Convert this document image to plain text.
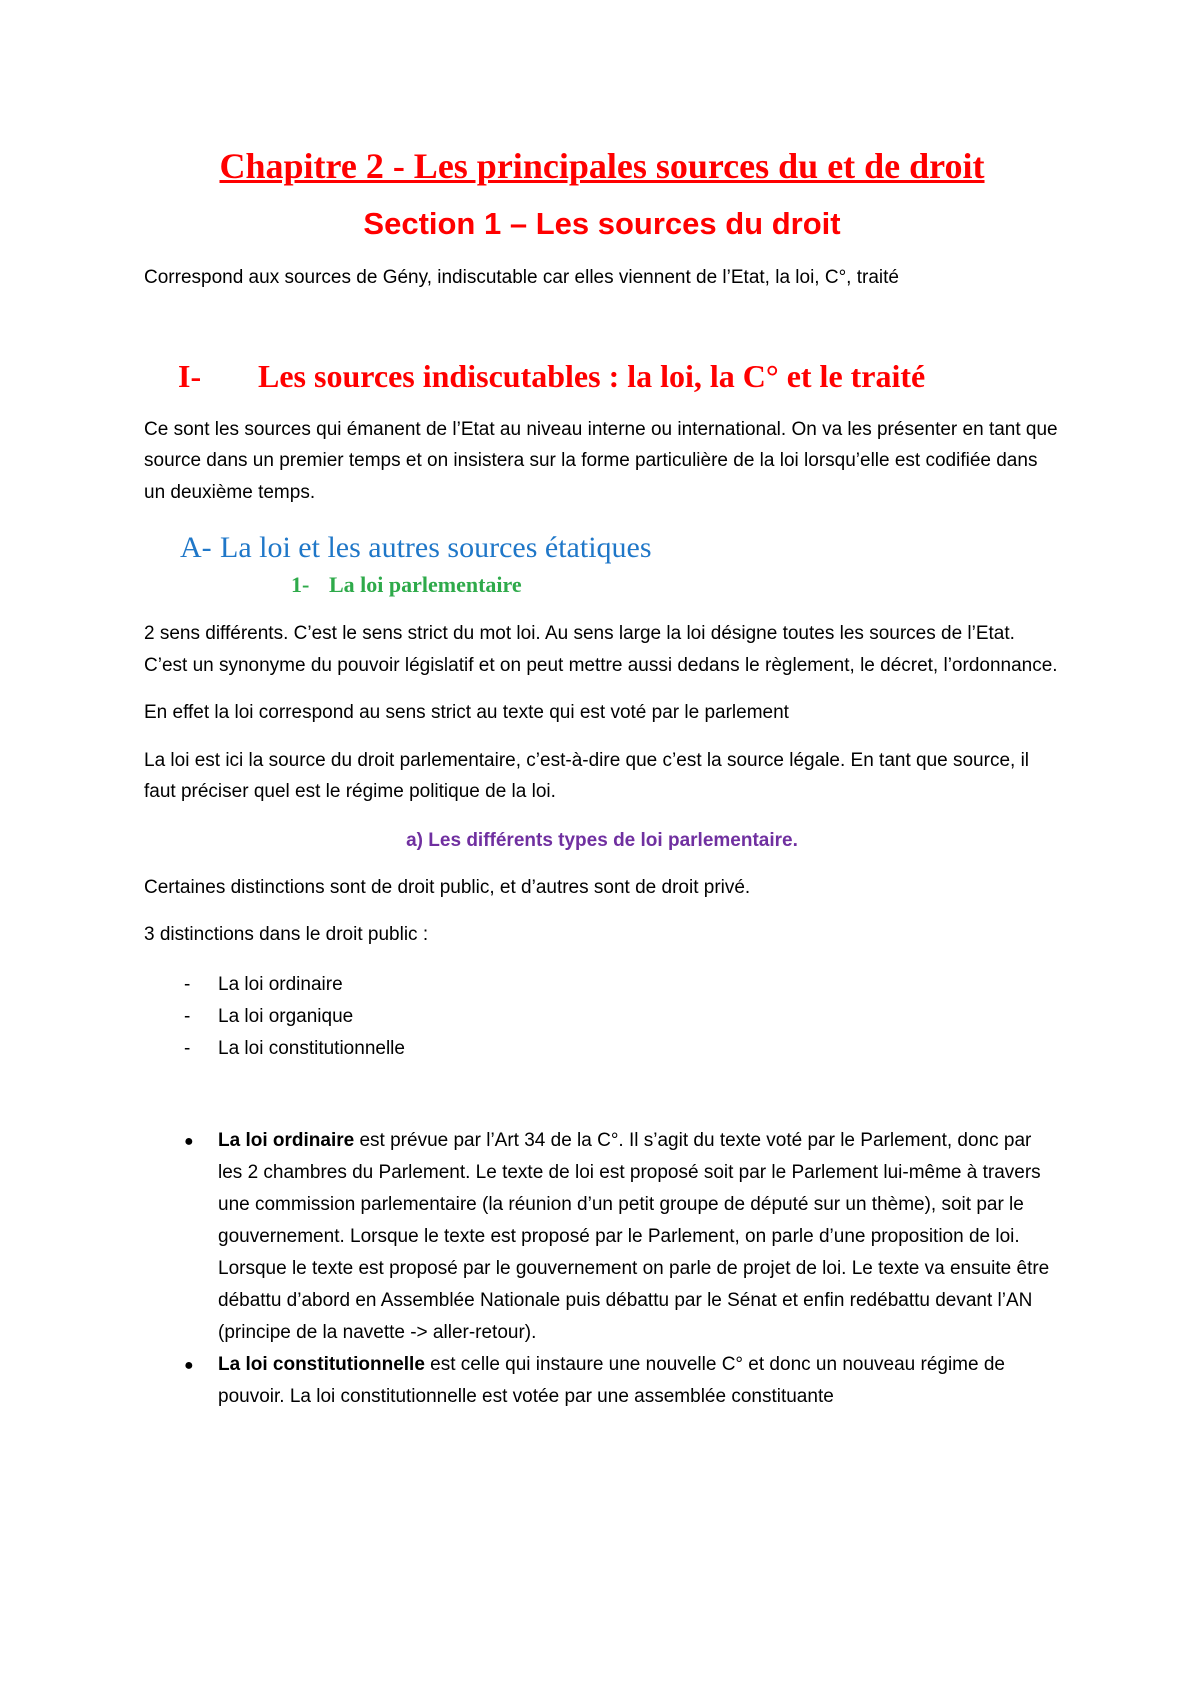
Chapitre 2 - Les principales sources du et de droit
Section 1 – Les sources du droit

Correspond aux sources de Gény, indiscutable car elles viennent de l’Etat, la loi, C°, traité

I-	Les sources indiscutables : la loi, la C° et le traité

Ce sont les sources qui émanent de l’Etat au niveau interne ou international. On va les présenter en tant que source dans un premier temps et on insistera sur la forme particulière de la loi lorsqu’elle est codifiée dans un deuxième temps.

A- La loi et les autres sources étatiques
1- La loi parlementaire

2 sens différents. C’est le sens strict du mot loi. Au sens large la loi désigne toutes les sources de l’Etat. C’est un synonyme du pouvoir législatif et on peut mettre aussi dedans le règlement, le décret, l’ordonnance.

En effet la loi correspond au sens strict au texte qui est voté par le parlement

La loi est ici la source du droit parlementaire, c’est-à-dire que c’est la source légale. En tant que source, il faut préciser quel est le régime politique de la loi.

a) Les différents types de loi parlementaire.

Certaines distinctions sont de droit public, et d’autres sont de droit privé.

3 distinctions dans le droit public :

-	La loi ordinaire
-	La loi organique
-	La loi constitutionnelle
●	La loi ordinaire est prévue par l’Art 34 de la C°. Il s’agit du texte voté par le Parlement, donc par les 2 chambres du Parlement. Le texte de loi est proposé soit par le Parlement lui-même à travers une commission parlementaire (la réunion d’un petit groupe de député sur un thème), soit par le gouvernement. Lorsque le texte est proposé par le Parlement, on parle d’une proposition de loi. Lorsque le texte est proposé par le gouvernement on parle de projet de loi. Le texte va ensuite être débattu d’abord en Assemblée Nationale puis débattu par le Sénat et enfin redébattu devant l’AN (principe de la navette -> aller-retour).
●	La loi constitutionnelle est celle qui instaure une nouvelle C° et donc un nouveau régime de pouvoir. La loi constitutionnelle est votée par une assemblée constituante
